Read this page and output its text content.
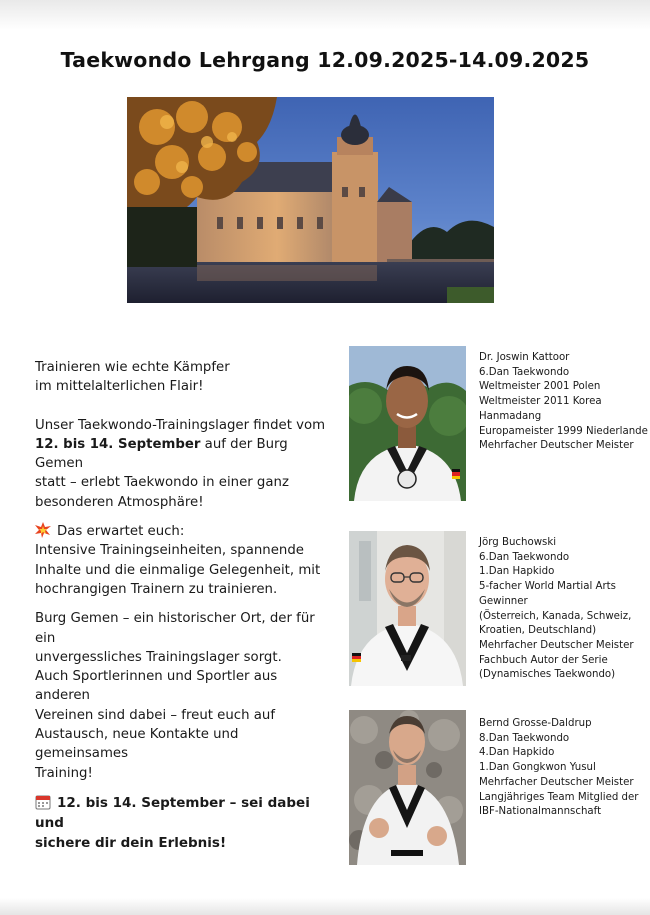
Taekwondo Lehrgang 12.09.2025-14.09.2025

Trainieren wie echte Kämpfer

im mittelalterlichen Flair!

Unser Taekwondo-Trainingslager findet vom
12. bis 14. September auf der Burg Gemen
statt – erlebt Taekwondo in einer ganz
besonderen Atmosphäre!

Das erwartet euch:

Intensive Trainingseinheiten, spannende

Inhalte und die einmalige Gelegenheit, mit

hochrangigen Trainern zu trainieren.

Burg Gemen – ein historischer Ort, der für ein

unvergessliches Trainingslager sorgt.

Auch Sportlerinnen und Sportler aus anderen

Vereinen sind dabei – freut euch auf

Austausch, neue Kontakte und gemeinsames

Training!

12. bis 14. September – sei dabei und
sichere dir dein Erlebnis!

Dr. Joswin Kattoor
6.Dan Taekwondo
Weltmeister 2001 Polen
Weltmeister 2011 Korea
Hanmadang
Europameister 1999 Niederlande
Mehrfacher Deutscher Meister
Jörg Buchowski
6.Dan Taekwondo
1.Dan Hapkido
5-facher World Martial Arts
Gewinner
(Österreich, Kanada, Schweiz,
Kroatien, Deutschland)
Mehrfacher Deutscher Meister
Fachbuch Autor der Serie
(Dynamisches Taekwondo)
Bernd Grosse-Daldrup
8.Dan Taekwondo
4.Dan Hapkido
1.Dan Gongkwon Yusul
Mehrfacher Deutscher Meister
Langjähriges Team Mitglied der
IBF-Nationalmannschaft
